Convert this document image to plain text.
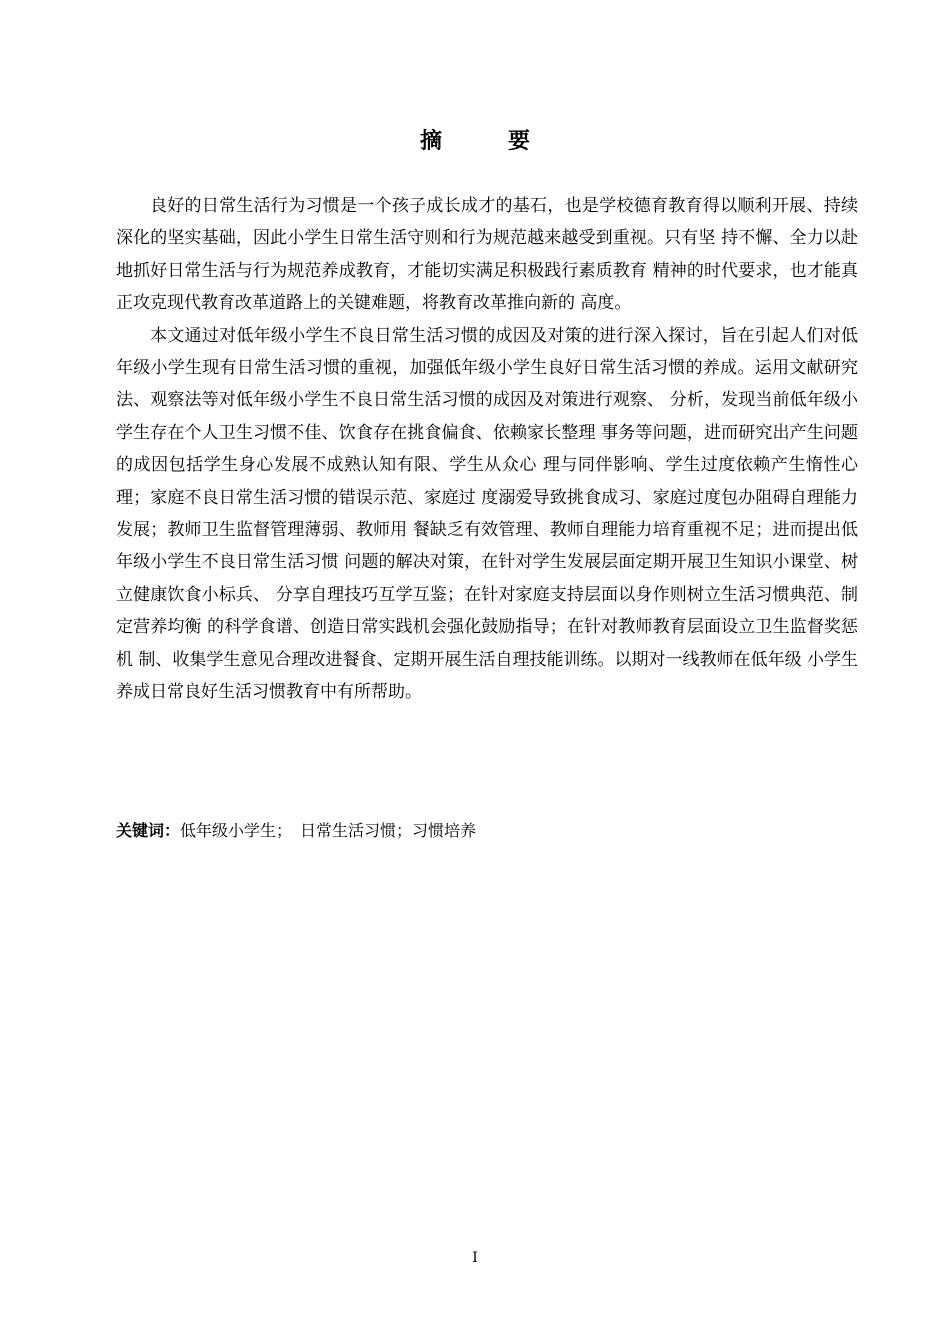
摘　要

良好的日常生活行为习惯是一个孩子成长成才的基石，也是学校德育教育得以顺利开展、持续深化的坚实基础，因此小学生日常生活守则和行为规范越来越受到重视。只有坚 持不懈、全力以赴地抓好日常生活与行为规范养成教育，才能切实满足积极践行素质教育 精神的时代要求，也才能真正攻克现代教育改革道路上的关键难题，将教育改革推向新的 高度。

本文通过对低年级小学生不良日常生活习惯的成因及对策的进行深入探讨，旨在引起人们对低年级小学生现有日常生活习惯的重视，加强低年级小学生良好日常生活习惯的养成。运用文献研究法、观察法等对低年级小学生不良日常生活习惯的成因及对策进行观察、 分析，发现当前低年级小学生存在个人卫生习惯不佳、饮食存在挑食偏食、依赖家长整理 事务等问题，进而研究出产生问题的成因包括学生身心发展不成熟认知有限、学生从众心 理与同伴影响、学生过度依赖产生惰性心理；家庭不良日常生活习惯的错误示范、家庭过 度溺爱导致挑食成习、家庭过度包办阻碍自理能力发展；教师卫生监督管理薄弱、教师用 餐缺乏有效管理、教师自理能力培育重视不足；进而提出低年级小学生不良日常生活习惯 问题的解决对策，在针对学生发展层面定期开展卫生知识小课堂、树立健康饮食小标兵、 分享自理技巧互学互鉴；在针对家庭支持层面以身作则树立生活习惯典范、制定营养均衡 的科学食谱、创造日常实践机会强化鼓励指导；在针对教师教育层面设立卫生监督奖惩机 制、收集学生意见合理改进餐食、定期开展生活自理技能训练。以期对一线教师在低年级 小学生养成日常良好生活习惯教育中有所帮助。

关键词：低年级小学生；　日常生活习惯；习惯培养
I
